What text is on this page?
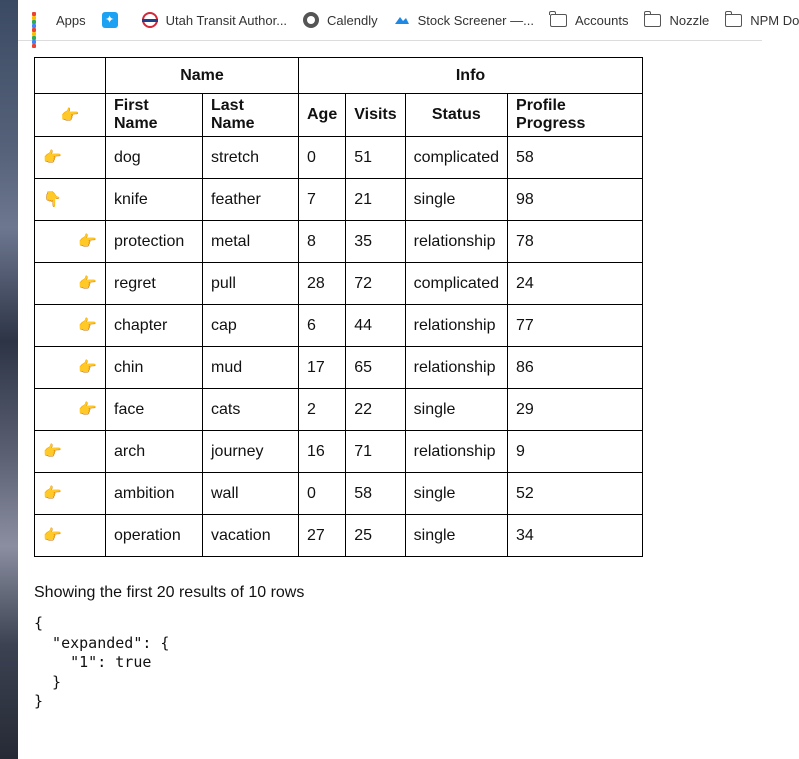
Apps	✦	Utah Transit Author...	Calendly	Stock Screener —...	Accounts	Nozzle	NPM Do
	Name		Info			
👉	First Name	Last Name	Age	Visits	Status	Profile Progress
👉	dog	stretch	0	51	complicated	58
👇	knife	feather	7	21	single	98
👉	protection	metal	8	35	relationship	78
👉	regret	pull	28	72	complicated	24
👉	chapter	cap	6	44	relationship	77
👉	chin	mud	17	65	relationship	86
👉	face	cats	2	22	single	29
👉	arch	journey	16	71	relationship	9
👉	ambition	wall	0	58	single	52
👉	operation	vacation	27	25	single	34
Showing the first 20 results of 10 rows
{
"expanded": {
"1": true
}
}
